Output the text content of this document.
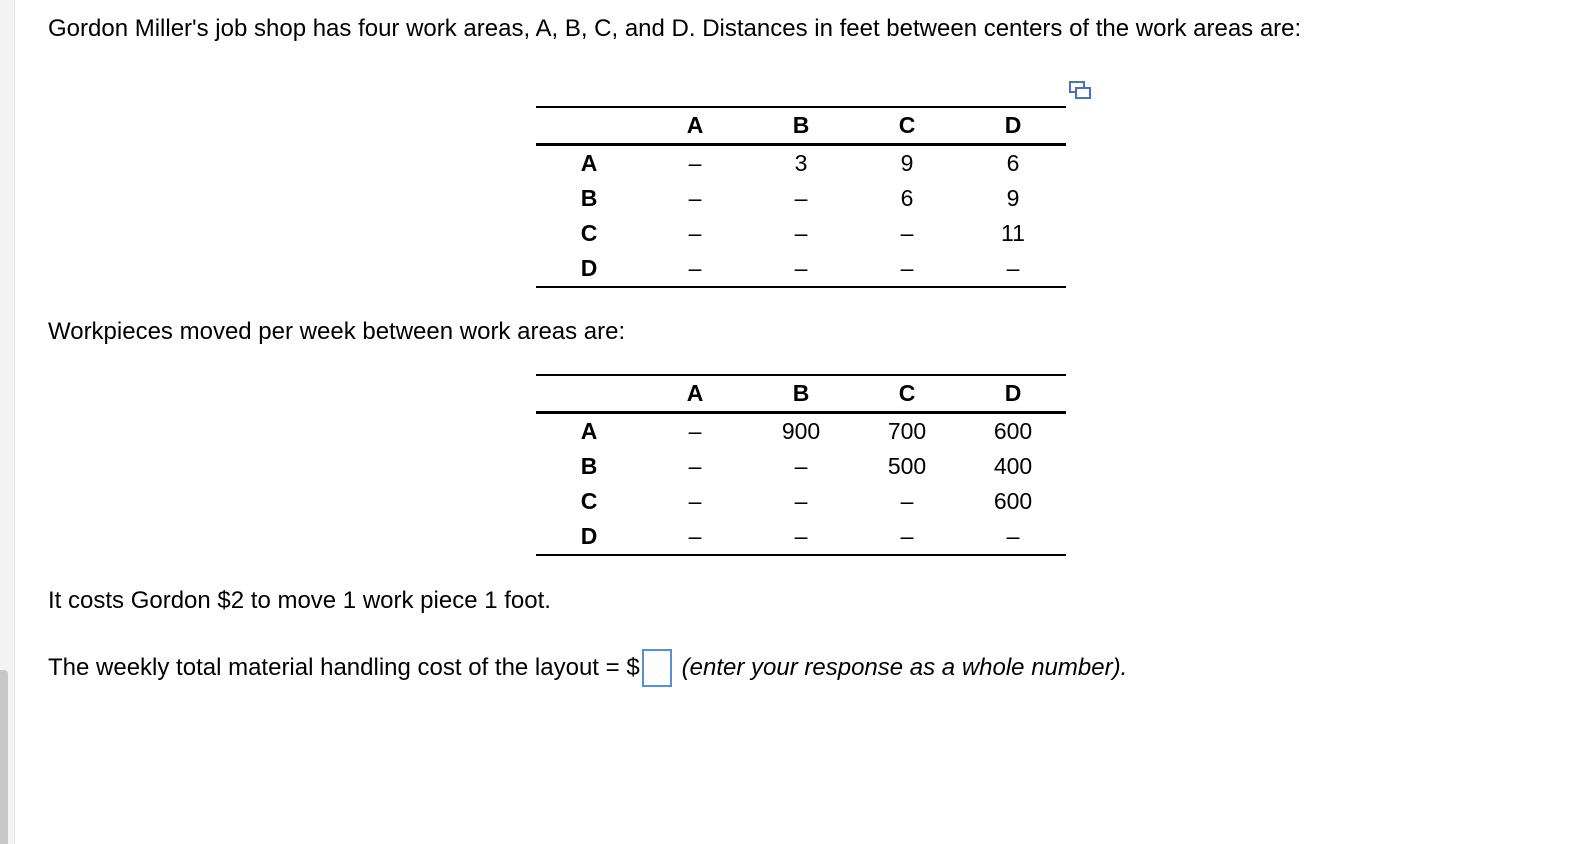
Gordon Miller's job shop has four work areas, A, B, C, and D. Distances in feet between centers of the work areas are:
	A	B	C	D
A	–	3	9	6
B	–	–	6	9
C	–	–	–	11
D	–	–	–	–
Workpieces moved per week between work areas are:
	A	B	C	D
A	–	900	700	600
B	–	–	500	400
C	–	–	–	600
D	–	–	–	–
It costs Gordon $2 to move 1 work piece 1 foot.
The weekly total material handling cost of the layout = $ (enter your response as a whole number).
